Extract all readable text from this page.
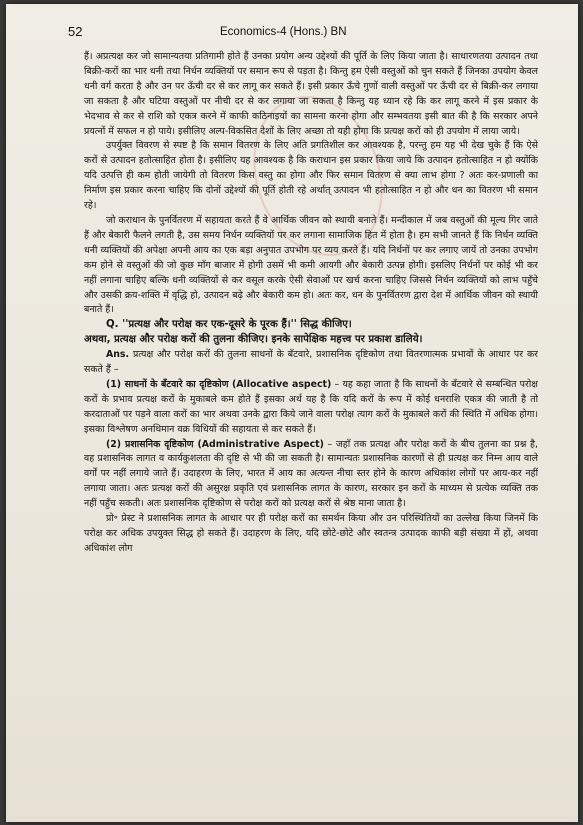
52	Economics-4 (Hons.) BN

हैं। अप्रत्यक्ष कर जो सामान्यतया प्रतिगामी होते हैं उनका प्रयोग अन्य उद्देश्यों की पूर्ति के लिए किया जाता है। साधारणतया उत्पादन तथा बिक्री-करों का भार धनी तथा निर्धन व्यक्तियों पर समान रूप से पड़ता है। किन्तु हम ऐसी वस्तुओं को चुन सकते हैं जिनका उपयोग केवल धनी वर्ग करता है और उन पर ऊँची दर से कर लागू कर सकते हैं। इसी प्रकार ऊँचे गुणों वाली वस्तुओं पर ऊँची दर से बिक्री-कर लगाया जा सकता है और घटिया वस्तुओं पर नीची दर से कर लगाया जा सकता है किन्तु यह ध्यान रहे कि कर लागू करने में इस प्रकार के भेदभाव से कर से राशि को एकत्र करने में काफी कठिनाइयों का सामना करना होगा और सम्भवतया इसी बात की है कि सरकार अपने प्रयत्नों में सफल न हो पाये। इसीलिए अल्प-विकसित देशों के लिए अच्छा तो यही होगा कि प्रत्यक्ष करों को ही उपयोग में लाया जाये।

उपर्युक्त विवरण से स्पष्ट है कि समान वितरण के लिए अति प्रगतिशील कर आवश्यक है, परन्तु हम यह भी देख चुके हैं कि ऐसे करों से उत्पादन हतोत्साहित होता है। इसीलिए यह आवश्यक है कि कराधान इस प्रकार किया जाये कि उत्पादन हतोत्साहित न हो क्योंकि यदि उत्पत्ति ही कम होती जायेगी तो वितरण किस वस्तु का होगा और फिर समान वितरण से क्या लाभ होगा ? अतः कर-प्रणाली का निर्माण इस प्रकार करना चाहिए कि दोनों उद्देश्यों की पूर्ति होती रहे अर्थात् उत्पादन भी हतोत्साहित न हो और धन का वितरण भी समान रहे।

जो कराधान के पुनर्वितरण में सहायता करते हैं वे आर्थिक जीवन को स्थायी बनाते हैं। मन्दीकाल में जब वस्तुओं की मूल्य गिर जाते हैं और बेकारी फैलने लगती है, उस समय निर्धन व्यक्तियों पर कर लगाना सामाजिक हित में होता है। हम सभी जानते हैं कि निर्धन व्यक्ति धनी व्यक्तियों की अपेक्षा अपनी आय का एक बड़ा अनुपात उपभोग पर व्यय करते हैं। यदि निर्धनों पर कर लगाए जायें तो उनका उपभोग कम होने से वस्तुओं की जो कुछ माँग बाजार में होगी उसमें भी कमी आयगी और बेकारी उत्पन्न होगी। इसलिए निर्धनों पर कोई भी कर नहीं लगाना चाहिए बल्कि धनी व्यक्तियों से कर वसूल करके ऐसी सेवाओं पर खर्च करना चाहिए जिससे निर्धन व्यक्तियों को लाभ पहुँचे और उसकी क्रय-शक्ति में वृद्धि हो, उत्पादन बढ़े और बेकारी कम हो। अतः कर, धन के पुनर्वितरण द्वारा देश में आर्थिक जीवन को स्थायी बनाते हैं।

Q. ''प्रत्यक्ष और परोक्ष कर एक-दूसरे के पूरक हैं।'' सिद्ध कीजिए।

अथवा, प्रत्यक्ष और परोक्ष करों की तुलना कीजिए। इनके सापेक्षिक महत्त्व पर प्रकाश डालिये।

Ans. प्रत्यक्ष और परोक्ष करों की तुलना साधनों के बँटवारे, प्रशासनिक दृष्टिकोण तथा वितरणात्मक प्रभावों के आधार पर कर सकते हैं –

(1) साधनों के बँटवारे का दृष्टिकोण (Allocative aspect) – यह कहा जाता है कि साधनों के बँटवारे से सम्बन्धित परोक्ष करों के प्रभाव प्रत्यक्ष करों के मुकाबले कम होते हैं इसका अर्थ यह है कि यदि करों के रूप में कोई धनराशि एकत्र की जाती है तो करदाताओं पर पड़ने वाला करों का भार अथवा उनके द्वारा किये जाने वाला परोक्ष त्याग करों के मुकाबले करों की स्थिति में अधिक होगा। इसका विश्लेषण अनधिमान वक्र विधियों की सहायता से कर सकते हैं।

(2) प्रशासनिक दृष्टिकोण (Administrative Aspect) – जहाँ तक प्रत्यक्ष और परोक्ष करों के बीच तुलना का प्रश्न है, वह प्रशासनिक लागत व कार्यकुशलता की दृष्टि से भी की जा सकती है। सामान्यतः प्रशासनिक कारणों से ही प्रत्यक्ष कर निम्न आय वाले वर्गों पर नहीं लगाये जाते हैं। उदाहरण के लिए, भारत में आय का अत्यन्त नीचा स्तर होने के कारण अधिकांश लोगों पर आय-कर नहीं लगाया जाता। अतः प्रत्यक्ष करों की असुरक्ष प्रकृति एवं प्रशासनिक लागत के कारण, सरकार इन करों के माध्यम से प्रत्येक व्यक्ति तक नहीं पहुँच सकती। अतः प्रशासनिक दृष्टिकोण से परोक्ष करों को प्रत्यक्ष करों से श्रेष्ठ माना जाता है।

प्रो॰ प्रेस्ट ने प्रशासनिक लागत के आधार पर ही परोक्ष करों का समर्थन किया और उन परिस्थितियों का उल्लेख किया जिनमें कि परोक्ष कर अधिक उपयुक्त सिद्ध हो सकते हैं। उदाहरण के लिए, यदि छोटे-छोटे और स्वतन्त्र उत्पादक काफी बड़ी संख्या में हों, अथवा अधिकांश लोग
